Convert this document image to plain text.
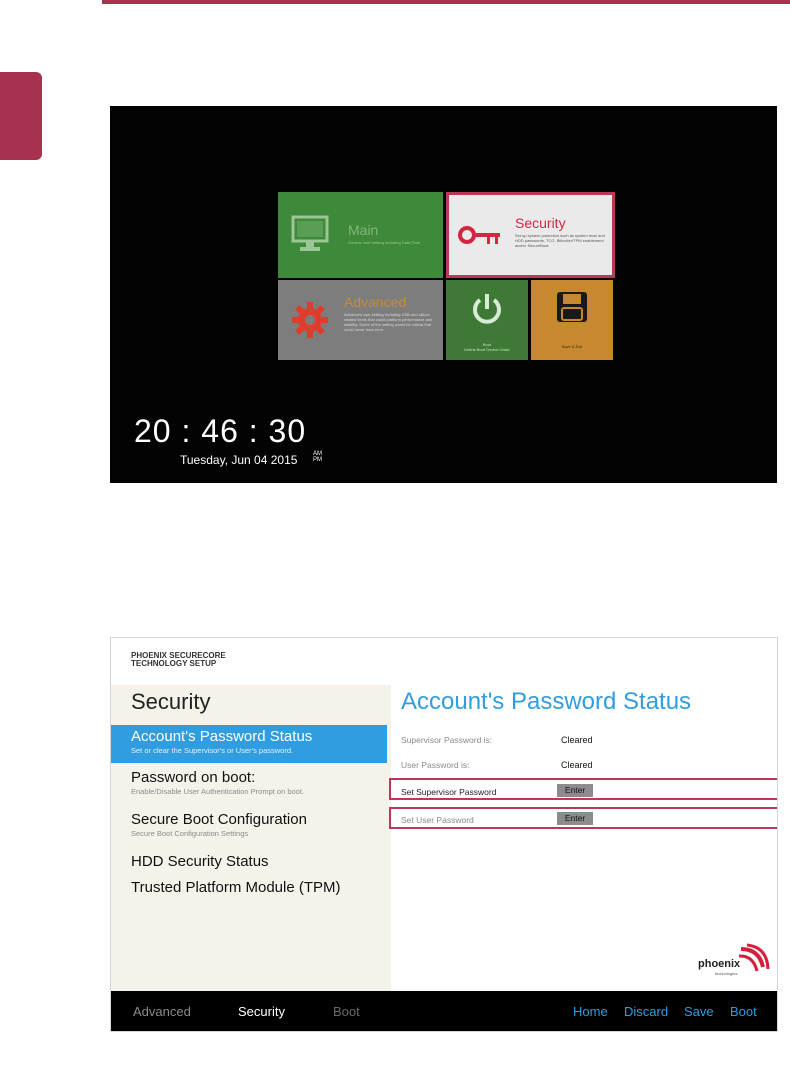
Main
Generic user setting including Date/Time
Security
Set up system protection such as system level and HDD passwords, TCG, Bitlocker/TPM enablement and/or SecureBoot.
Advanced
Advanced user setting including USB and silicon related items that could platform performance and stability. Some of the setting would be critical that could never boot error.
Boot
Define Boot Device Order
Save & Exit
20 : 46 : 30
Tuesday, Jun 04 2015	AM
PM
PHOENIX SECURECORE
TECHNOLOGY SETUP
Security
Account's Password Status
Set or clear the Supervisor's or User's password.
Password on boot:
Enable/Disable User Authentication Prompt on boot.
Secure Boot Configuration
Secure Boot Configuration Settings
HDD Security Status
Trusted Platform Module (TPM)
Account's Password Status
Supervisor Password is:	Cleared
User Password is:	Cleared
Set Supervisor Password	Enter
Set User Password	Enter
phoenix
technologies
Advanced	Security	Boot	Home Discard Save Boot
